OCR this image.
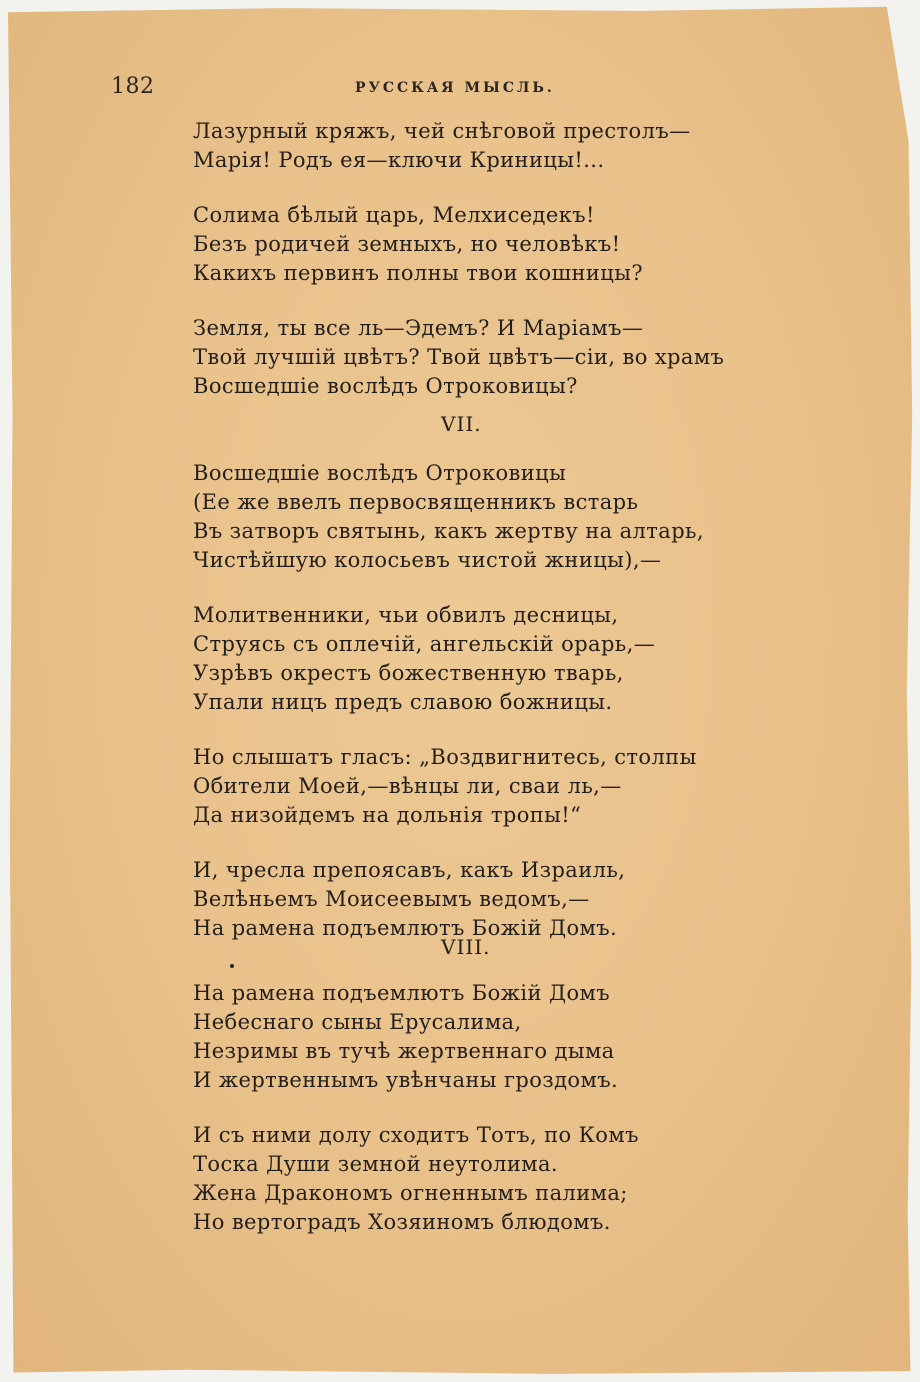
182	РУССКАЯ МЫСЛЬ.
Лазурный кряжъ, чей снѣговой престолъ—
Марія! Родъ ея—ключи Криницы!...
Солима бѣлый царь, Мелхиседекъ!
Безъ родичей земныхъ, но человѣкъ!
Какихъ первинъ полны твои кошницы?
Земля, ты все ль—Эдемъ? И Маріамъ—
Твой лучшій цвѣтъ? Твой цвѣтъ—сіи, во храмъ
Восшедшіе вослѣдъ Отроковицы?
VII.
Восшедшіе вослѣдъ Отроковицы
(Ее же ввелъ первосвященникъ встарь
Въ затворъ святынь, какъ жертву на алтарь,
Чистѣйшую колосьевъ чистой жницы),—
Молитвенники, чьи обвилъ десницы,
Струясь съ оплечій, ангельскій орарь,—
Узрѣвъ окрестъ божественную тварь,
Упали ницъ предъ славою божницы.
Но слышатъ гласъ: „Воздвигнитесь, столпы
Обители Моей,—вѣнцы ли, сваи ль,—
Да низойдемъ на дольнія тропы!“
И, чресла препоясавъ, какъ Израиль,
Велѣньемъ Моисеевымъ ведомъ,—
На рамена подъемлютъ Божій Домъ.
VIII.
На рамена подъемлютъ Божій Домъ
Небеснаго сыны Ерусалима,
Незримы въ тучѣ жертвеннаго дыма
И жертвеннымъ увѣнчаны гроздомъ.
И съ ними долу сходитъ Тотъ, по Комъ
Тоска Души земной неутолима.
Жена Дракономъ огненнымъ палима;
Но вертоградъ Хозяиномъ блюдомъ.
